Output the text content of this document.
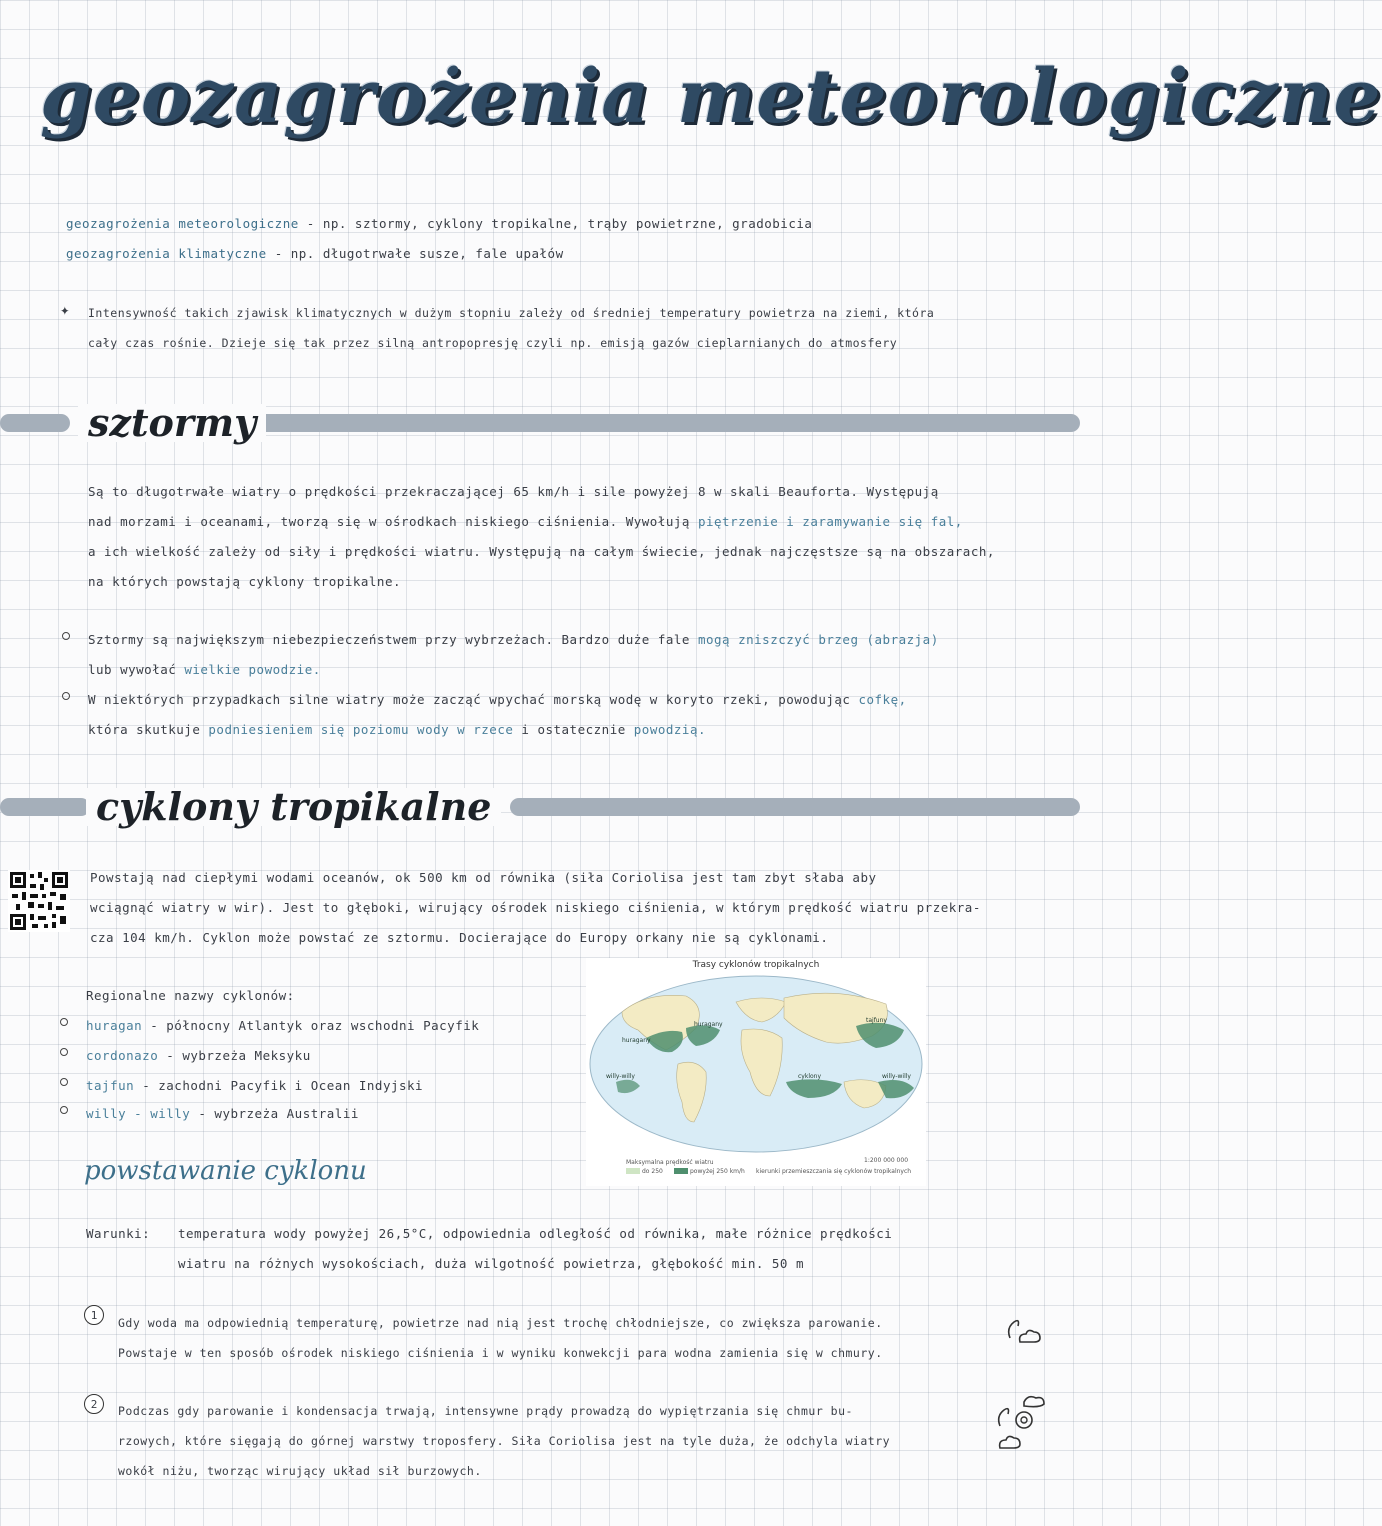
geozagrożenia meteorologiczne
geozagrożenia meteorologiczne - np. sztormy, cyklony tropikalne, trąby powietrzne, gradobicia
geozagrożenia klimatyczne - np. długotrwałe susze, fale upałów
✦ Intensywność takich zjawisk klimatycznych w dużym stopniu zależy od średniej temperatury powietrza na ziemi, która
cały czas rośnie. Dzieje się tak przez silną antropopresję czyli np. emisją gazów cieplarnianych do atmosfery
sztormy
Są to długotrwałe wiatry o prędkości przekraczającej 65 km/h i sile powyżej 8 w skali Beauforta. Występują
nad morzami i oceanami, tworzą się w ośrodkach niskiego ciśnienia. Wywołują piętrzenie i zaramywanie się fal,
a ich wielkość zależy od siły i prędkości wiatru. Występują na całym świecie, jednak najczęstsze są na obszarach,
na których powstają cyklony tropikalne.
Sztormy są największym niebezpieczeństwem przy wybrzeżach. Bardzo duże fale mogą zniszczyć brzeg (abrazja)
lub wywołać wielkie powodzie.
W niektórych przypadkach silne wiatry może zacząć wpychać morską wodę w koryto rzeki, powodując cofkę,
która skutkuje podniesieniem się poziomu wody w rzece i ostatecznie powodzią.
cyklony tropikalne
Powstają nad ciepłymi wodami oceanów, ok 500 km od równika (siła Coriolisa jest tam zbyt słaba aby
wciągnąć wiatry w wir). Jest to głęboki, wirujący ośrodek niskiego ciśnienia, w którym prędkość wiatru przekra-
cza 104 km/h. Cyklon może powstać ze sztormu. Docierające do Europy orkany nie są cyklonami.
Regionalne nazwy cyklonów:
huragan - północny Atlantyk oraz wschodni Pacyfik
cordonazo - wybrzeża Meksyku
tajfun - zachodni Pacyfik i Ocean Indyjski
willy - willy - wybrzeża Australii
Trasy cyklonów tropikalnych
huragany
huragany
tajfuny
cyklony	willy-willy
willy-willy
Maksymalna prędkość wiatru
do 250	powyżej 250 km/h kierunki przemieszczania się cyklonów tropikalnych
1:200 000 000
powstawanie cyklonu
Warunki: temperatura wody powyżej 26,5°C, odpowiednia odległość od równika, małe różnice prędkości
wiatru na różnych wysokościach, duża wilgotność powietrza, głębokość min. 50 m
1
Gdy woda ma odpowiednią temperaturę, powietrze nad nią jest trochę chłodniejsze, co zwiększa parowanie.
Powstaje w ten sposób ośrodek niskiego ciśnienia i w wyniku konwekcji para wodna zamienia się w chmury.
2	Podczas gdy parowanie i kondensacja trwają, intensywne prądy prowadzą do wypiętrzania się chmur bu-
rzowych, które sięgają do górnej warstwy troposfery. Siła Coriolisa jest na tyle duża, że odchyla wiatry
wokół niżu, tworząc wirujący układ sił burzowych.
